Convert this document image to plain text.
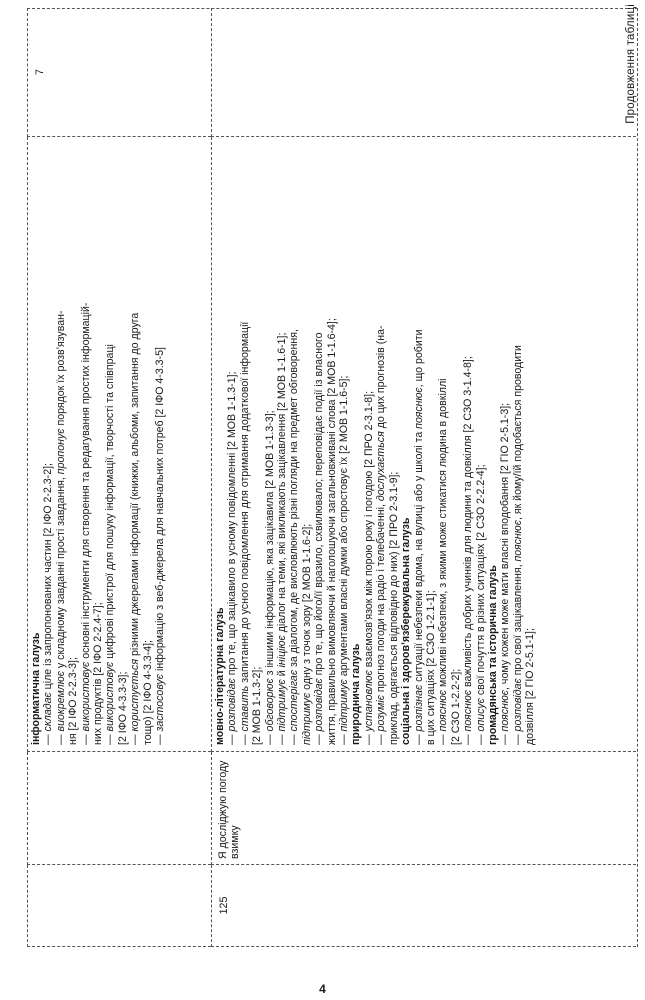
Продовження таблиці
інформатична галузь — складає ціле із запропонованих частин [2 ІФО 2-2.3-2];
— виокремлює у складному завданні прості завдання, пропонує порядок їх розв’язуван-
ня [2 ІФО 2-2.3-3]; — використовує основні інструменти для створення та редагування простих інформацій-
них продуктів [2 ІФО 2-2.4-7]; — використовує цифрові пристрої для пошуку інформації, творчості та співпраці
[2 ІФО 4-3.3-3]; — користується різними джерелами інформації (книжки, альбоми, запитання до друга
тощо) [2 ІФО 4-3.3-4]; — застосовує інформацію з веб-джерела для навчальних потреб [2 ІФО 4-3.3-5]
7
125
Я досліджую погоду взимку
мовно-літературна галузь — розповідає про те, що зацікавило в усному повідомленні [2 МОВ 1-1.3-1];
— ставить запитання до усного повідомлення для отримання додаткової інформації
[2 МОВ 1-1.3-2]; — обговорює з іншими інформацію, яка зацікавила [2 МОВ 1-1.3-3];
— підтримує й ініціює діалог на теми, які викликають зацікавлення [2 МОВ 1-1.6-1];
— спостерігає за діалогом, де висловлюють різні погляди на предмет обговорення,
підтримує одну з точок зору [2 МОВ 1-1.6-2];
— розповідає про те, що його/її вразило, схвилювало; переповідає події із власного життя, правильно вимовляючи й наголошуючи загальновживані слова [2 МОВ 1-1.6-4]; — підтримує аргументами власні думки або спростовує їх [2 МОВ 1-1.6-5];
природнича галузь — установлює взаємозв’язок між порою року і погодою [2 ПРО 2-3.1-8];
— розуміє прогноз погоди на радіо і телебаченні, дослухається до цих прогнозів (на-
приклад, одягається відповідно до них) [2 ПРО 2-3.1-9]; соціальна і здоров’язбережувальна галузь — розпізнає ситуації небезпеки вдома, на вулиці або у школі та пояснює, що робити
в цих ситуаціях [2 СЗО 1-2.1-1]; — пояснює можливі небезпеки, з якими може стикатися людина в довкіллі
[2 СЗО 1-2.2-2]; — пояснює важливість добрих учинків для людини та довкілля [2 СЗО 3-1.4-8];
— описує свої почуття в різних ситуаціях [2 СЗО 2-2.2-4]; громадянська та історична галузь — пояснює, чому кожен може мати власні вподобання [2 ГІО 2-5.1-3];
— розповідає про свої зацікавлення, пояснює, як йому/їй подобається проводити
дозвілля [2 ГІО 2-5.1-1];
4
